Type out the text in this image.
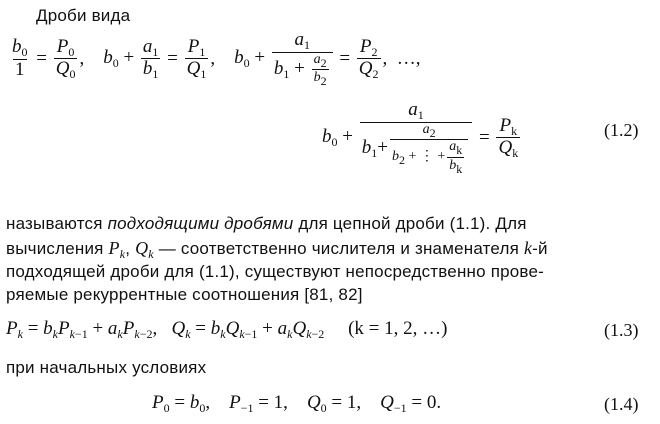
Дроби вида
$\frac{b_0}{1} = \frac{P_0}{Q_0}$ , $b_0 + \frac{a_1}{b_1} = \frac{P_1}{Q_1}$ , $b_0 + \frac{a_1}{b_1 + \frac{a2}{b2}} = \frac{P_2}{Q_2}$ ,  …,
$b_0$ +
$a_1$
$b_1+ \frac{a2}{b2 + ⋮ + \frac{ak}{bk}} = \frac{P_k}{Q_k}$	(1.2)
называются подходящими дробями для цепной дроби (1.1). Для
вычисления $P_k$, $Q_k$ — соответственно числителя и знаменателя k-й
подходящей дроби для (1.1), существуют непосредственно прове-
ряемые рекуррентные соотношения [81, 82]
$P_k = b_kP_{k-1} + a_kP_{k-2}$,   $Q_k = b_kQ_{k-1} + a_kQ_{k-2}$ (k = 1, 2, …)	(1.3)
при начальных условиях
$P_0 = b_0$,    $P_{-1} = 1$,    $Q_0 = 1$,    $Q_{-1} = 0$.	(1.4)
